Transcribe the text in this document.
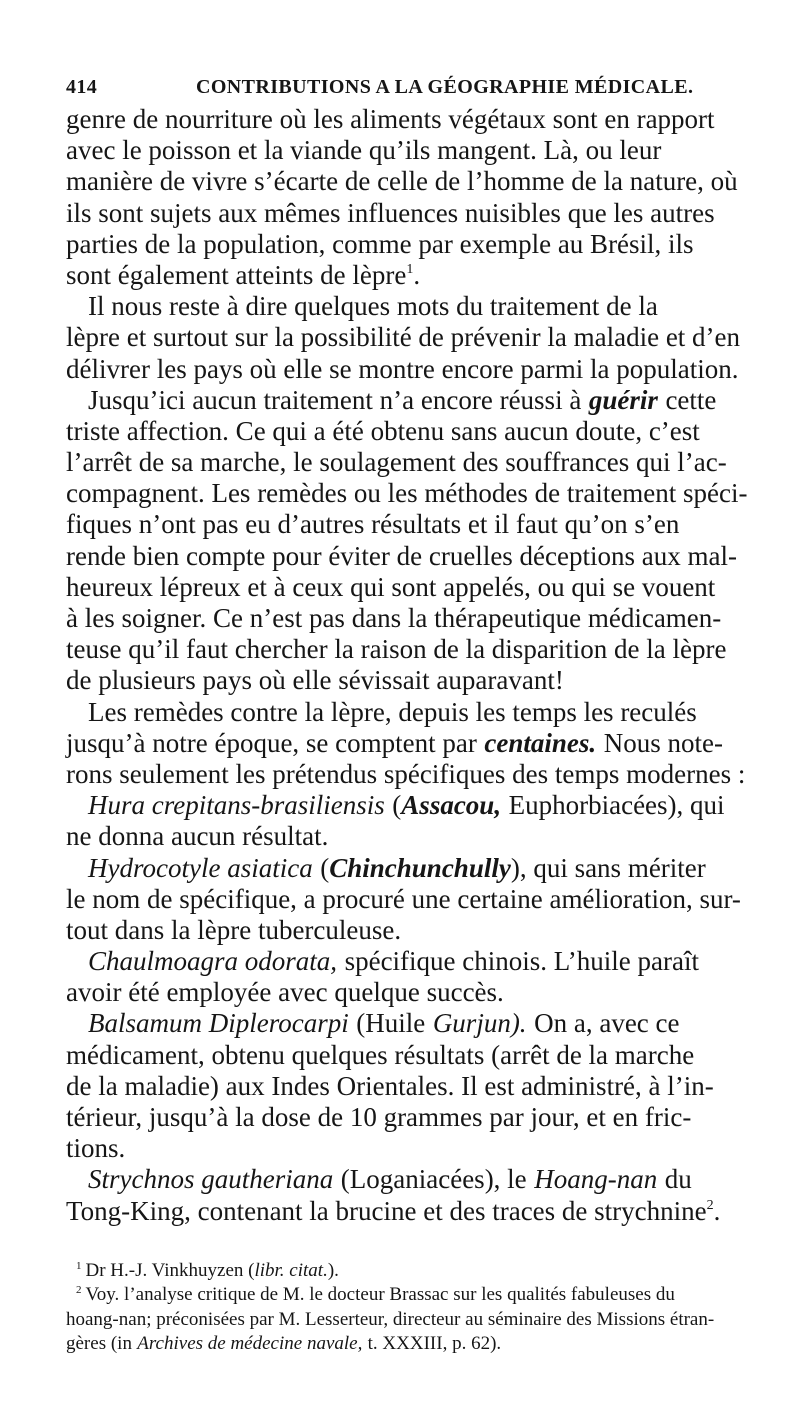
414	CONTRIBUTIONS A LA GÉOGRAPHIE MÉDICALE.
genre de nourriture où les aliments végétaux sont en rapport
avec le poisson et la viande qu’ils mangent. Là, ou leur
manière de vivre s’écarte de celle de l’homme de la nature, où
ils sont sujets aux mêmes influences nuisibles que les autres
parties de la population, comme par exemple au Brésil, ils
sont également atteints de lèpre$^1$.
Il nous reste à dire quelques mots du traitement de la
lèpre et surtout sur la possibilité de prévenir la maladie et d’en
délivrer les pays où elle se montre encore parmi la population.
Jusqu’ici aucun traitement n’a encore réussi à guérir cette
triste affection. Ce qui a été obtenu sans aucun doute, c’est
l’arrêt de sa marche, le soulagement des souffrances qui l’ac-
compagnent. Les remèdes ou les méthodes de traitement spéci-
fiques n’ont pas eu d’autres résultats et il faut qu’on s’en
rende bien compte pour éviter de cruelles déceptions aux mal-
heureux lépreux et à ceux qui sont appelés, ou qui se vouent
à les soigner. Ce n’est pas dans la thérapeutique médicamen-
teuse qu’il faut chercher la raison de la disparition de la lèpre
de plusieurs pays où elle sévissait auparavant!
Les remèdes contre la lèpre, depuis les temps les reculés
jusqu’à notre époque, se comptent par centaines. Nous note-
rons seulement les prétendus spécifiques des temps modernes :
Hura crepitans-brasiliensis (Assacou, Euphorbiacées), qui
ne donna aucun résultat.
Hydrocotyle asiatica (Chinchunchully), qui sans mériter
le nom de spécifique, a procuré une certaine amélioration, sur-
tout dans la lèpre tuberculeuse.
Chaulmoagra odorata, spécifique chinois. L’huile paraît
avoir été employée avec quelque succès.
Balsamum Diplerocarpi (Huile Gurjun). On a, avec ce
médicament, obtenu quelques résultats (arrêt de la marche
de la maladie) aux Indes Orientales. Il est administré, à l’in-
térieur, jusqu’à la dose de 10 grammes par jour, et en fric-
tions.
Strychnos gautheriana (Loganiacées), le Hoang-nan du
Tong-King, contenant la brucine et des traces de strychnine$^2$.
$^1$ Dr H.-J. Vinkhuyzen (libr. citat.).
$^2$ Voy. l’analyse critique de M. le docteur Brassac sur les qualités fabuleuses du
hoang-nan; préconisées par M. Lesserteur, directeur au séminaire des Missions étran-
gères (in Archives de médecine navale, t. XXXIII, p. 62).
